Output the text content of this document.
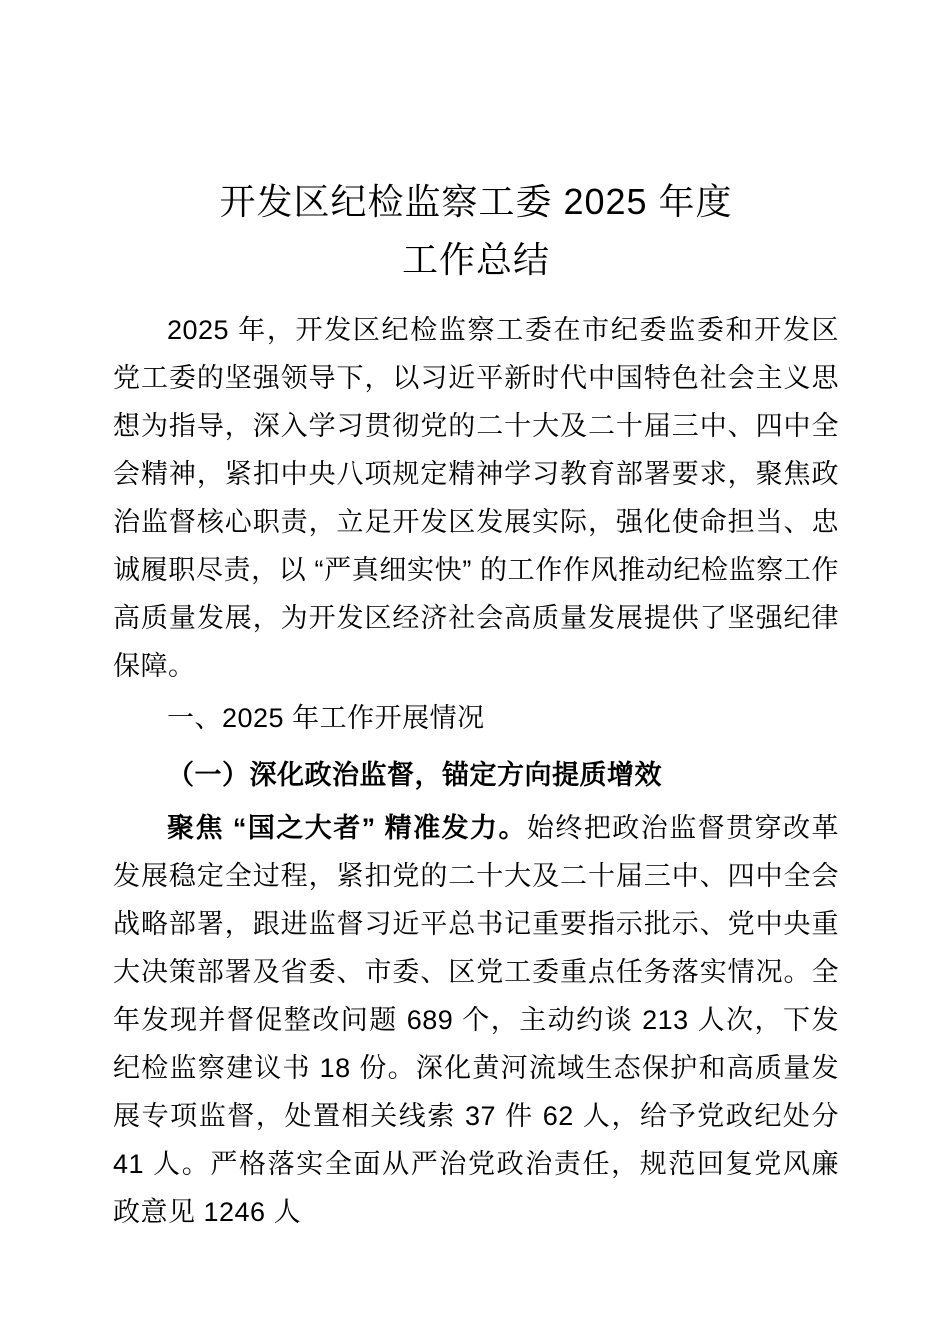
开发区纪检监察工委 2025 年度
工作总结

2025 年，开发区纪检监察工委在市纪委监委和开发区党工委的坚强领导下，以习近平新时代中国特色社会主义思想为指导，深入学习贯彻党的二十大及二十届三中、四中全会精神，紧扣中央八项规定精神学习教育部署要求，聚焦政治监督核心职责，立足开发区发展实际，强化使命担当、忠诚履职尽责，以 “严真细实快” 的工作作风推动纪检监察工作高质量发展，为开发区经济社会高质量发展提供了坚强纪律保障。

一、2025 年工作开展情况

（一）深化政治监督，锚定方向提质增效

聚焦 “国之大者” 精准发力。始终把政治监督贯穿改革发展稳定全过程，紧扣党的二十大及二十届三中、四中全会战略部署，跟进监督习近平总书记重要指示批示、党中央重大决策部署及省委、市委、区党工委重点任务落实情况。全年发现并督促整改问题 689 个，主动约谈 213 人次，下发纪检监察建议书 18 份。深化黄河流域生态保护和高质量发展专项监督，处置相关线索 37 件 62 人，给予党政纪处分 41 人。严格落实全面从严治党政治责任，规范回复党风廉政意见 1246 人
